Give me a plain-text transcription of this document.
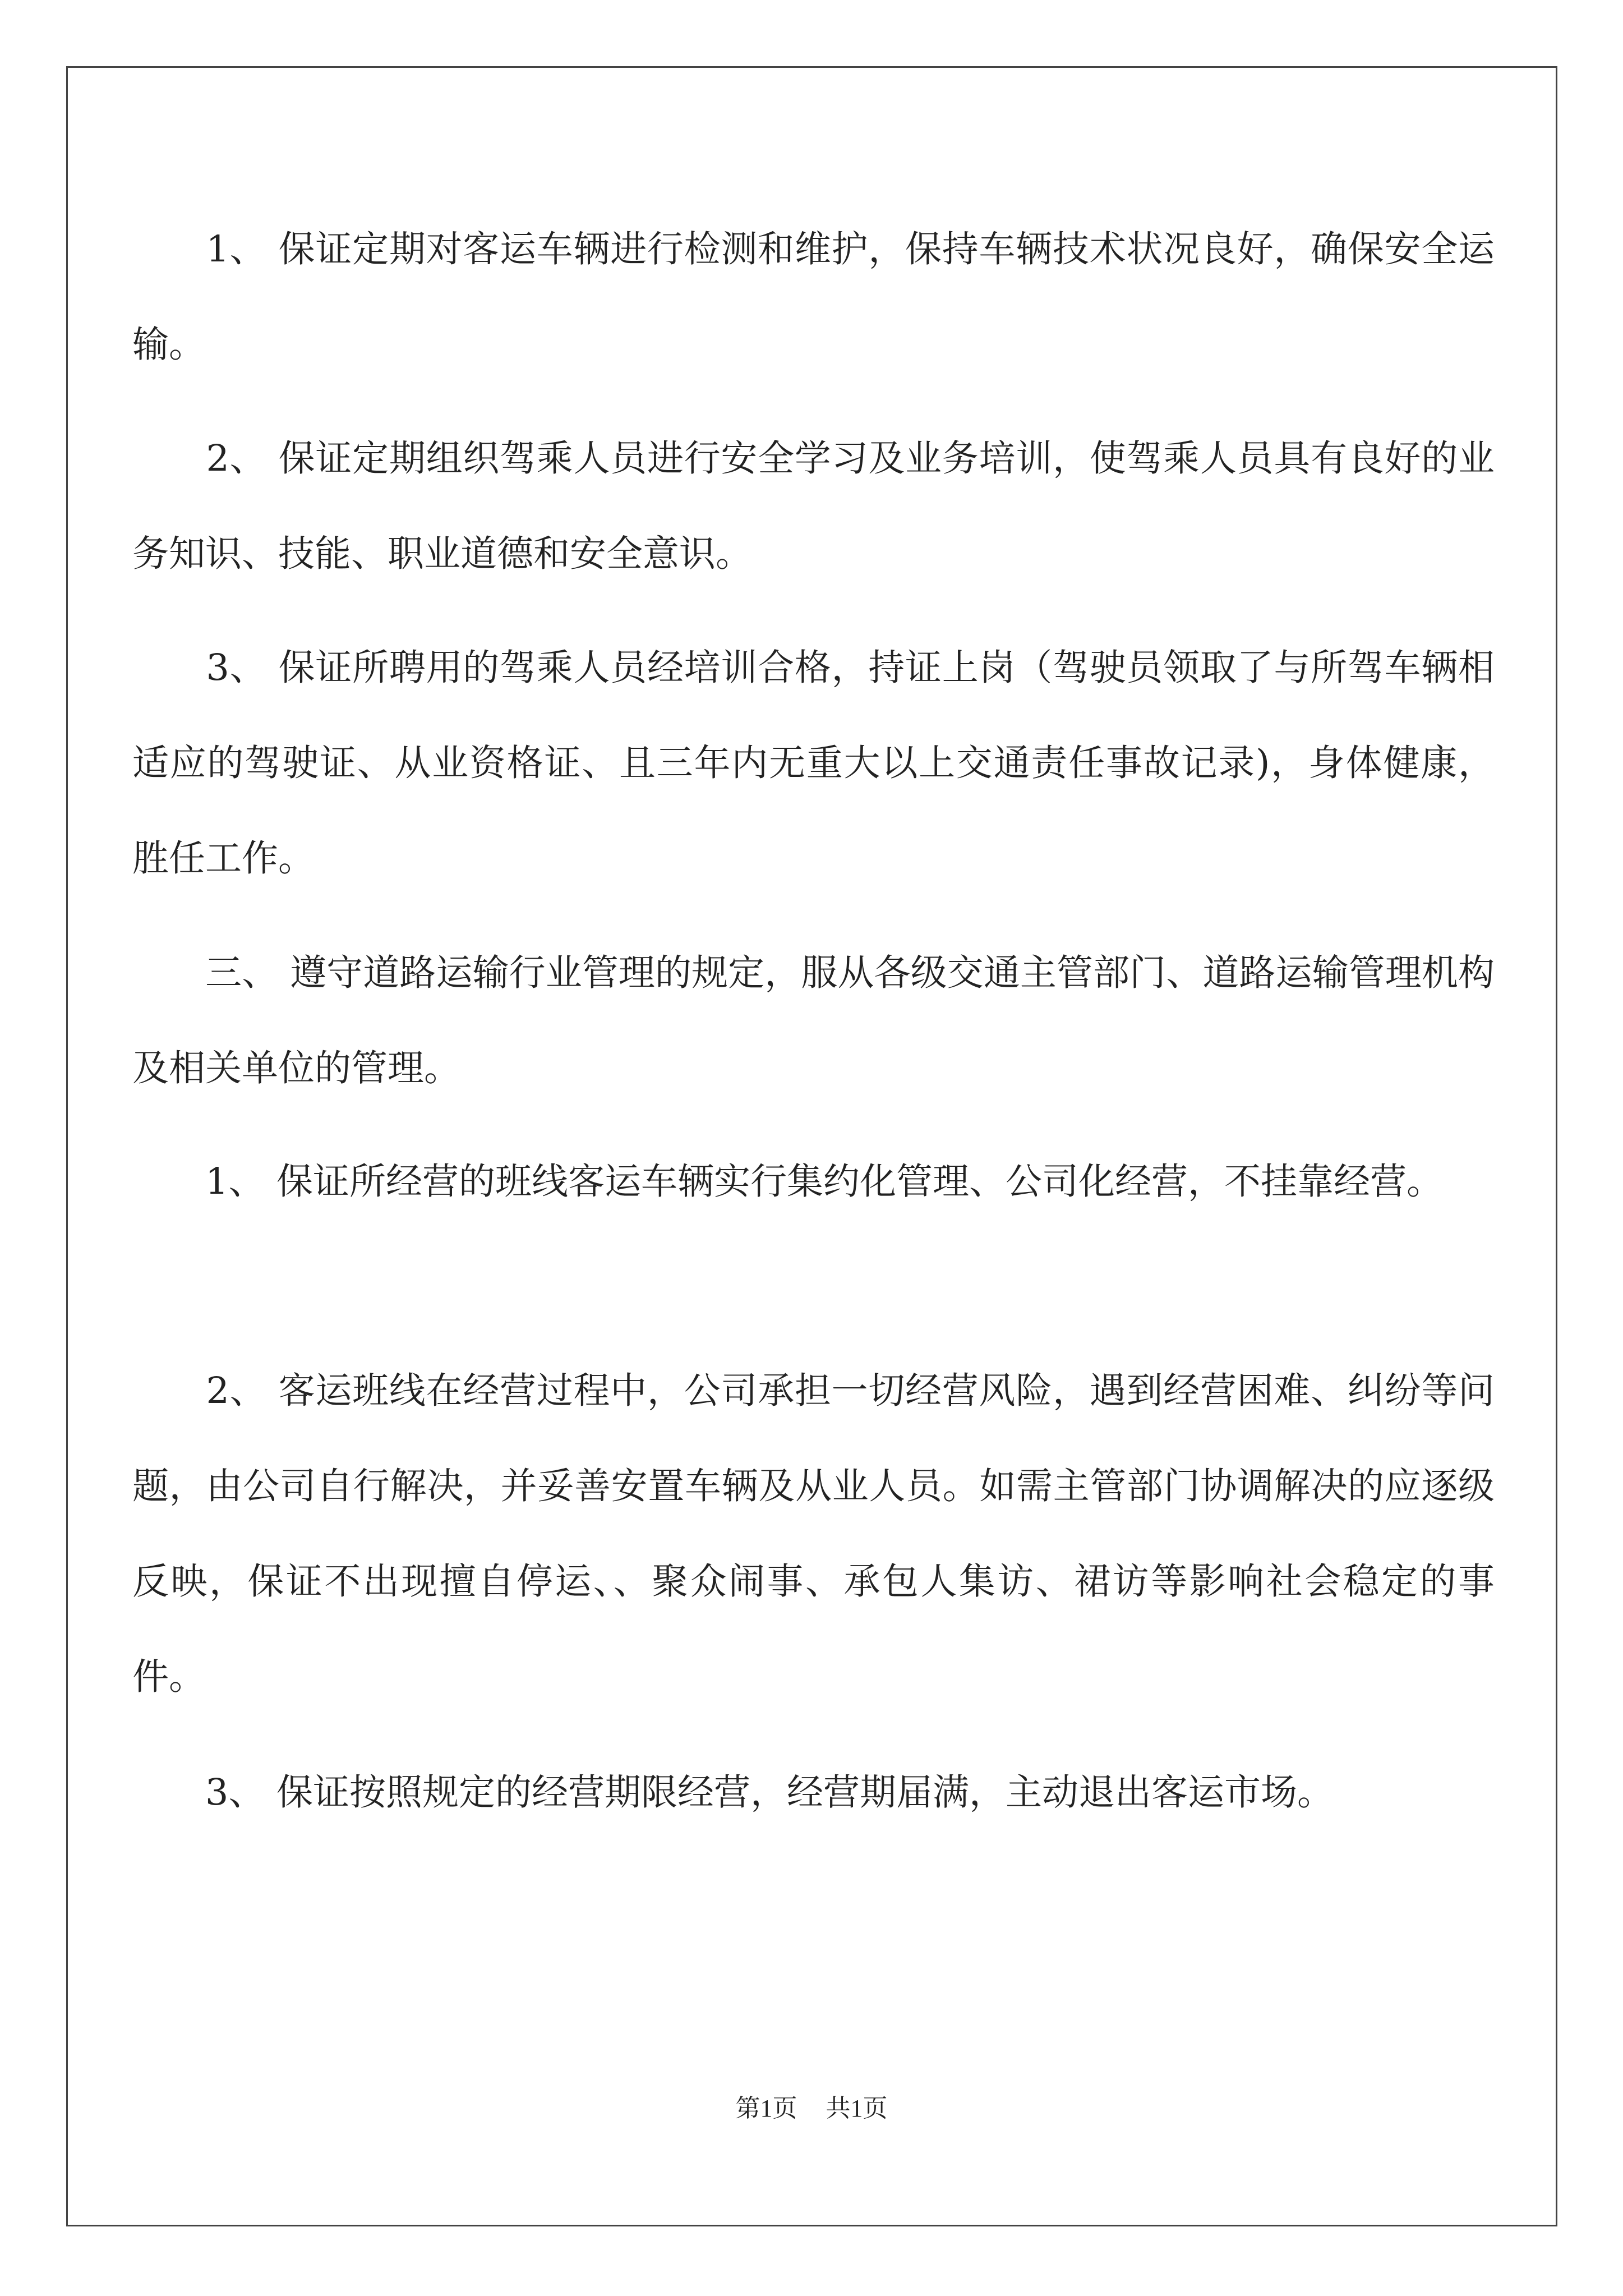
　　1、 保证定期对客运车辆进行检测和维护，保持车辆技术状况良好，确保安全运输。

　　2、 保证定期组织驾乘人员进行安全学习及业务培训，使驾乘人员具有良好的业务知识、技能、职业道德和安全意识。

　　3、 保证所聘用的驾乘人员经培训合格，持证上岗（驾驶员领取了与所驾车辆相适应的驾驶证、从业资格证、且三年内无重大以上交通责任事故记录)，身体健康，胜任工作。

　　三、 遵守道路运输行业管理的规定，服从各级交通主管部门、道路运输管理机构及相关单位的管理。

　　1、 保证所经营的班线客运车辆实行集约化管理、公司化经营，不挂靠经营。

　　2、 客运班线在经营过程中，公司承担一切经营风险，遇到经营困难、纠纷等问题，由公司自行解决，并妥善安置车辆及从业人员。如需主管部门协调解决的应逐级反映，保证不出现擅自停运、、聚众闹事、承包人集访、裙访等影响社会稳定的事件。

　　3、 保证按照规定的经营期限经营，经营期届满，主动退出客运市场。

第1页 共1页
